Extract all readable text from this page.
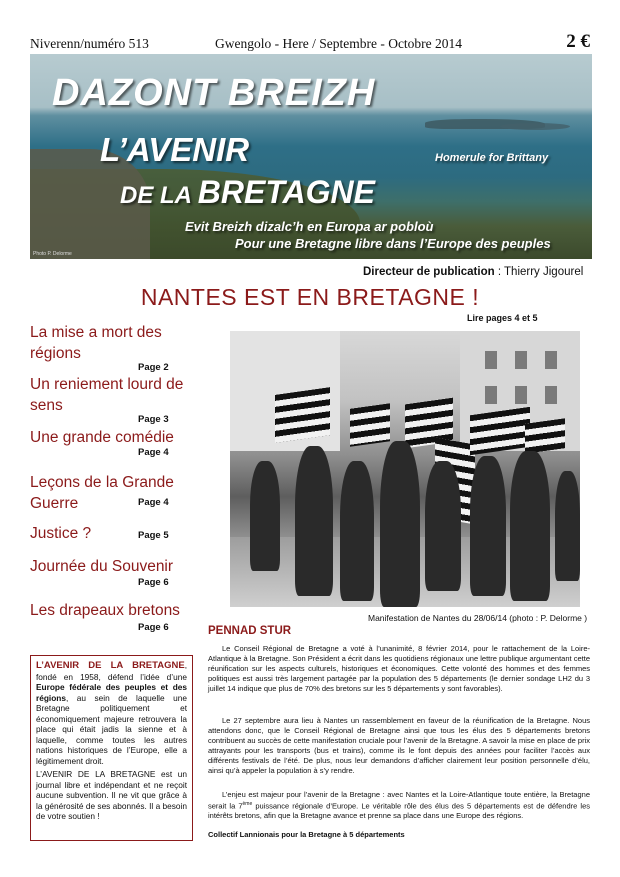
Niverenn/numéro 513	Gwengolo - Here / Septembre - Octobre 2014	2 €
DAZONT BREIZH
L’AVENIR
DE LA BRETAGNE
Homerule for Brittany
Evit Breizh dizalc’h en Europa ar pobloù
Pour une Bretagne libre dans l’Europe des peuples
Photo P. Delorme
Directeur de publication : Thierry Jigourel
NANTES EST EN BRETAGNE !
Lire pages 4 et 5
La mise a mort des régions
Page 2
Un reniement lourd de sens
Page 3
Une grande comédie
Page 4
Leçons de la Grande Guerre	Page 4
Justice ?	Page 5
Journée du Souvenir
Page 6
Les drapeaux bretons
Page 6
Manifestation de Nantes du 28/06/14 (photo : P. Delorme )
PENNAD STUR

Le Conseil Régional de Bretagne a voté à l’unanimité, 8 février 2014, pour le rattachement de la Loire-Atlantique à la Bretagne. Son Président a écrit dans les quotidiens régionaux une lettre publique argumentant cette réunification sur les aspects culturels, historiques et économiques. Cette volonté des hommes et des femmes politiques est aussi très largement partagée par la population des 5 départements (le dernier sondage LH2 du 3 juillet 14 indique que plus de 70% des bretons sur les 5 départements y sont favorables).

Le 27 septembre aura lieu à Nantes un rassemblement en faveur de la réunification de la Bretagne. Nous attendons donc, que le Conseil Régional de Bretagne ainsi que tous les élus des 5 départements bretons contribuent au succès de cette manifestation cruciale pour l’avenir de la Bretagne. A savoir la mise en place de prix attrayants pour les transports (bus et trains), comme ils le font depuis des années pour faciliter l’accès aux différents festivals de l’été. De plus, nous leur demandons d’afficher clairement leur position personnelle d’élu, ainsi qu’à appeler la population à s’y rendre.

L’enjeu est majeur pour l’avenir de la Bretagne : avec Nantes et la Loire-Atlantique toute entière, la Bretagne serait la 7ème puissance régionale d’Europe. Le véritable rôle des élus des 5 départements est de défendre les intérêts bretons, afin que la Bretagne avance et prenne sa place dans une Europe des régions.

Collectif Lannionais pour la Bretagne à 5 départements

L’AVENIR DE LA BRETAGNE, fondé en 1958, défend l’idée d’une Europe fédérale des peuples et des régions, au sein de laquelle une Bretagne politiquement et économiquement majeure retrouvera la place qui était jadis la sienne et à laquelle, comme toutes les autres nations historiques de l’Europe, elle a légitimement droit.

L’AVENIR DE LA BRETAGNE est un journal libre et indépendant et ne reçoit aucune subvention. Il ne vit que grâce à la générosité de ses abonnés. Il a besoin de votre soutien !
